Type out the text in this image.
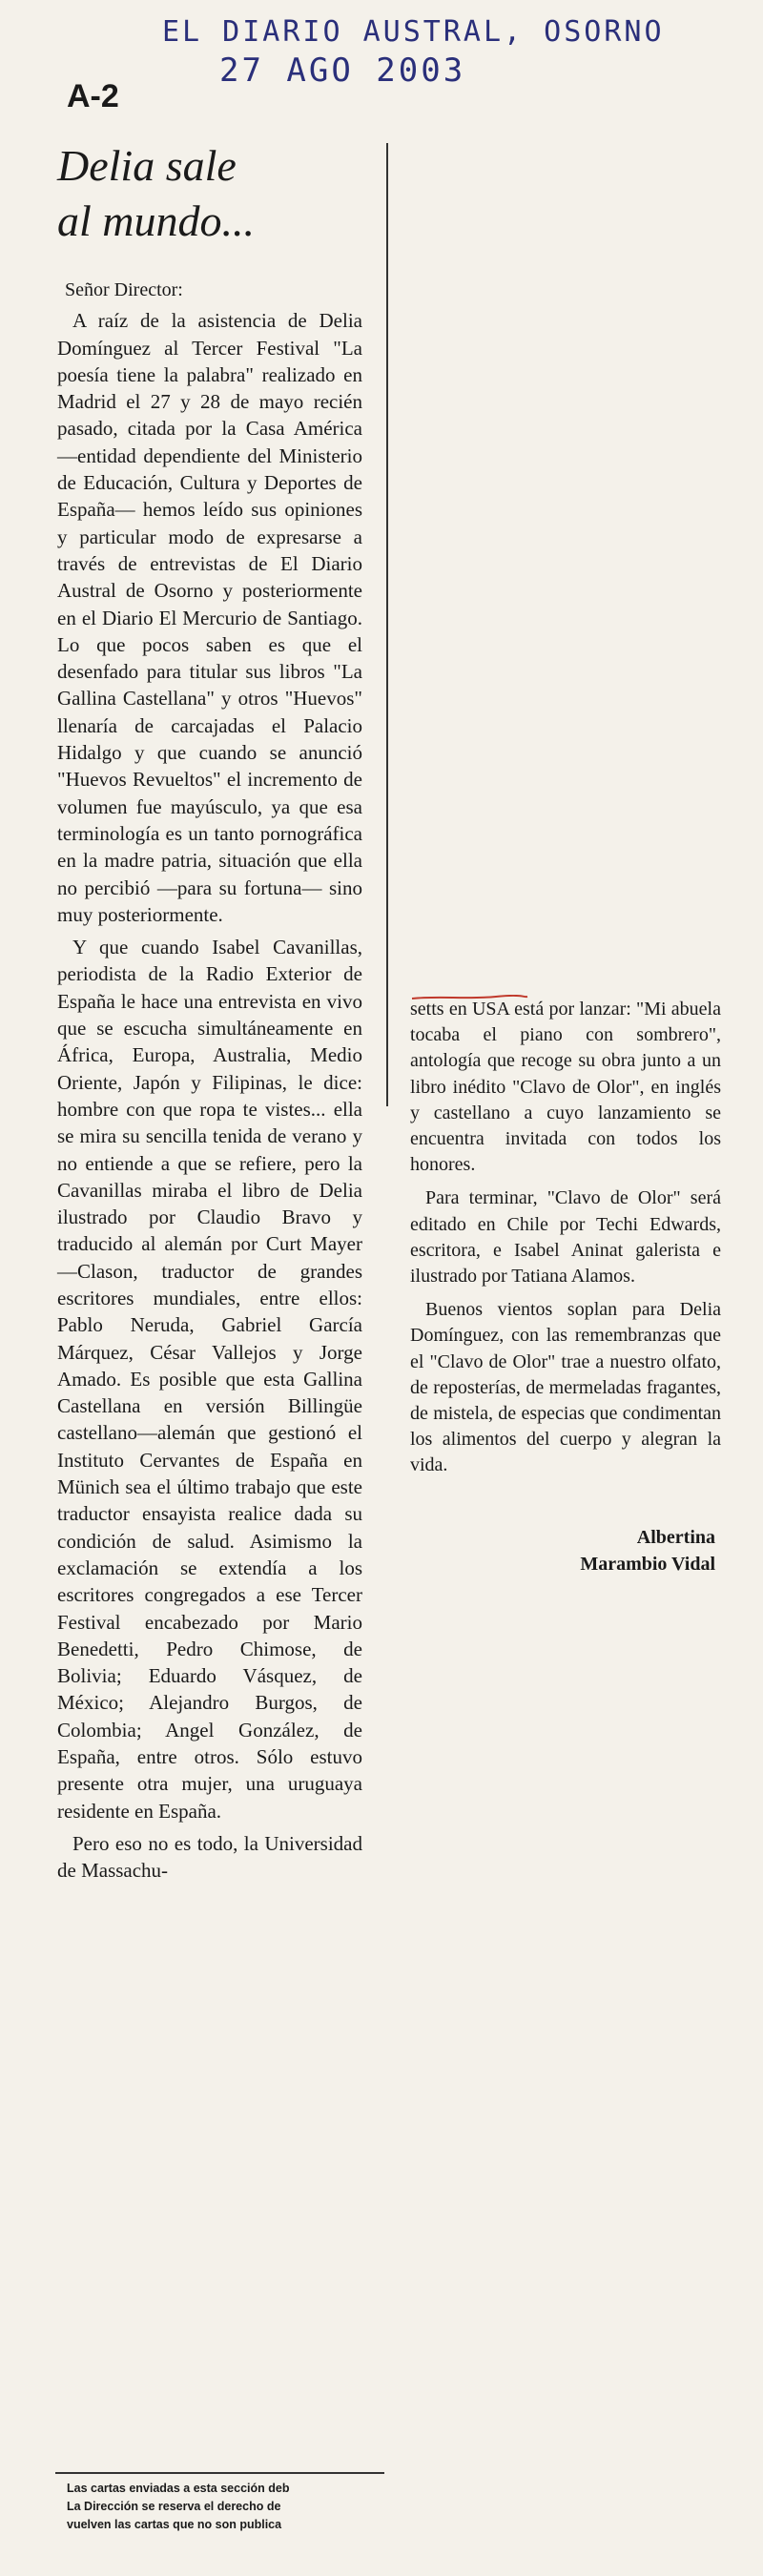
EL DIARIO AUSTRAL, OSORNO
27 AGO 2003
A-2
Delia sale
al mundo...
Señor Director:

A raíz de la asistencia de Delia Domínguez al Tercer Festival "La poesía tiene la palabra" realizado en Madrid el 27 y 28 de mayo recién pasado, citada por la Casa América —entidad dependiente del Ministerio de Educación, Cultura y Deportes de España— hemos leído sus opiniones y particular modo de expresarse a través de entrevistas de El Diario Austral de Osorno y posteriormente en el Diario El Mercurio de Santiago. Lo que pocos saben es que el desenfado para titular sus libros "La Gallina Castellana" y otros "Huevos" llenaría de carcajadas el Palacio Hidalgo y que cuando se anunció "Huevos Revueltos" el incremento de volumen fue mayúsculo, ya que esa terminología es un tanto pornográfica en la madre patria, situación que ella no percibió —para su fortuna— sino muy posteriormente.

Y que cuando Isabel Cavanillas, periodista de la Radio Exterior de España le hace una entrevista en vivo que se escucha simultáneamente en África, Europa, Australia, Medio Oriente, Japón y Filipinas, le dice: hombre con que ropa te vistes... ella se mira su sencilla tenida de verano y no entiende a que se refiere, pero la Cavanillas miraba el libro de Delia ilustrado por Claudio Bravo y traducido al alemán por Curt Mayer—Clason, traductor de grandes escritores mundiales, entre ellos: Pablo Neruda, Gabriel García Márquez, César Vallejos y Jorge Amado. Es posible que esta Gallina Castellana en versión Billingüe castellano—alemán que gestionó el Instituto Cervantes de España en Münich sea el último trabajo que este traductor ensayista realice dada su condición de salud. Asimismo la exclamación se extendía a los escritores congregados a ese Tercer Festival encabezado por Mario Benedetti, Pedro Chimose, de Bolivia; Eduardo Vásquez, de México; Alejandro Burgos, de Colombia; Angel González, de España, entre otros. Sólo estuvo presente otra mujer, una uruguaya residente en España.

Pero eso no es todo, la Universidad de Massachu-

setts en USA está por lanzar: "Mi abuela tocaba el piano con sombrero", antología que recoge su obra junto a un libro inédito "Clavo de Olor", en inglés y castellano a cuyo lanzamiento se encuentra invitada con todos los honores.

Para terminar, "Clavo de Olor" será editado en Chile por Techi Edwards, escritora, e Isabel Aninat galerista e ilustrado por Tatiana Alamos.

Buenos vientos soplan para Delia Domínguez, con las remembranzas que el "Clavo de Olor" trae a nuestro olfato, de reposterías, de mermeladas fragantes, de mistela, de especias que condimentan los alimentos del cuerpo y alegran la vida.

Albertina
Marambio Vidal
Las cartas enviadas a esta sección deb
La Dirección se reserva el derecho de
vuelven las cartas que no son publica
